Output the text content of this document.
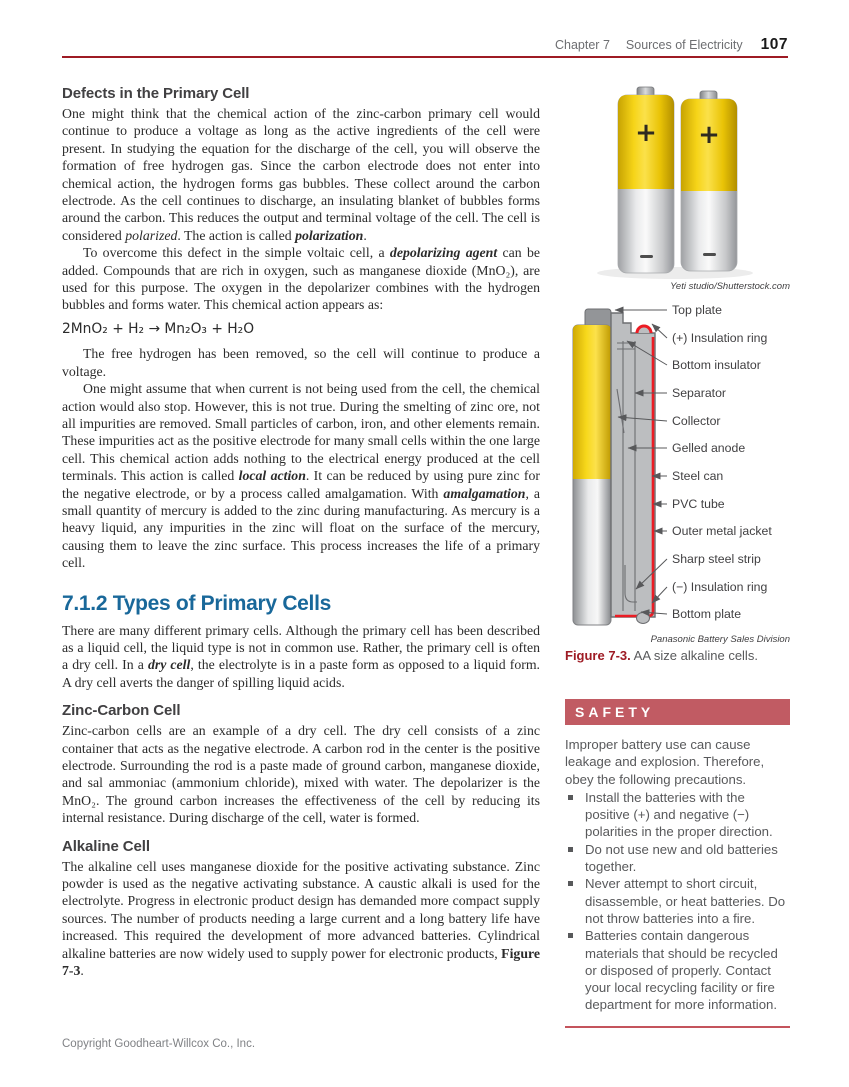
Chapter 7 Sources of Electricity 107
Defects in the Primary Cell

One might think that the chemical action of the zinc-carbon primary cell would continue to produce a voltage as long as the active ingredients of the cell were present. In studying the equation for the discharge of the cell, you will observe the formation of free hydrogen gas. Since the carbon electrode does not enter into chemical action, the hydrogen forms gas bubbles. These collect around the carbon electrode. As the cell continues to discharge, an insulating blanket of bubbles forms around the carbon. This reduces the output and terminal voltage of the cell. The cell is considered polarized. The action is called polarization.

To overcome this defect in the simple voltaic cell, a depolarizing agent can be added. Compounds that are rich in oxygen, such as manganese dioxide (MnO₂), are used for this purpose. The oxygen in the depolarizer combines with the hydrogen bubbles and forms water. This chemical action appears as:

2MnO₂ + H₂ → Mn₂O₃ + H₂O

The free hydrogen has been removed, so the cell will continue to produce a voltage.

One might assume that when current is not being used from the cell, the chemical action would also stop. However, this is not true. During the smelting of zinc ore, not all impurities are removed. Small particles of carbon, iron, and other elements remain. These impurities act as the positive electrode for many small cells within the one large cell. This chemical action adds nothing to the electrical energy produced at the cell terminals. This action is called local action. It can be reduced by using pure zinc for the negative electrode, or by a process called amalgamation. With amalgamation, a small quantity of mercury is added to the zinc during manufacturing. As mercury is a heavy liquid, any impurities in the zinc will float on the surface of the mercury, causing them to leave the zinc surface. This process increases the life of a primary cell.

7.1.2 Types of Primary Cells

There are many different primary cells. Although the primary cell has been described as a liquid cell, the liquid type is not in common use. Rather, the primary cell is often a dry cell. In a dry cell, the electrolyte is in a paste form as opposed to a liquid form. A dry cell averts the danger of spilling liquid acids.

Zinc-Carbon Cell

Zinc-carbon cells are an example of a dry cell. The dry cell consists of a zinc container that acts as the negative electrode. A carbon rod in the center is the positive electrode. Surrounding the rod is a paste made of ground carbon, manganese dioxide, and sal ammoniac (ammonium chloride), mixed with water. The depolarizer is the MnO₂. The ground carbon increases the effectiveness of the cell by reducing its internal resistance. During discharge of the cell, water is formed.

Alkaline Cell

The alkaline cell uses manganese dioxide for the positive activating substance. Zinc powder is used as the negative activating substance. A caustic alkali is used for the electrolyte. Progress in electronic product design has demanded more compact supply sources. The number of products needing a large current and a long battery life have increased. This required the development of more advanced batteries. Cylindrical alkaline batteries are now widely used to supply power for electronic products, Figure 7-3.

+
+
Yeti studio/Shutterstock.com
Top plate
(+) Insulation ring
Bottom insulator
Separator
Collector
Gelled anode
Steel can
PVC tube
Outer metal jacket
Sharp steel strip
(−) Insulation ring
Bottom plate
Panasonic Battery Sales Division

Figure 7-3. AA size alkaline cells.

SAFETY

Improper battery use can cause leakage and explosion. Therefore, obey the following precautions.

Install the batteries with the positive (+) and negative (−) polarities in the proper direction.
Do not use new and old batteries together.
Never attempt to short circuit, disassemble, or heat batteries. Do not throw batteries into a fire.
Batteries contain dangerous materials that should be recycled or disposed of properly. Contact your local recycling facility or fire department for more information.
Copyright Goodheart-Willcox Co., Inc.
